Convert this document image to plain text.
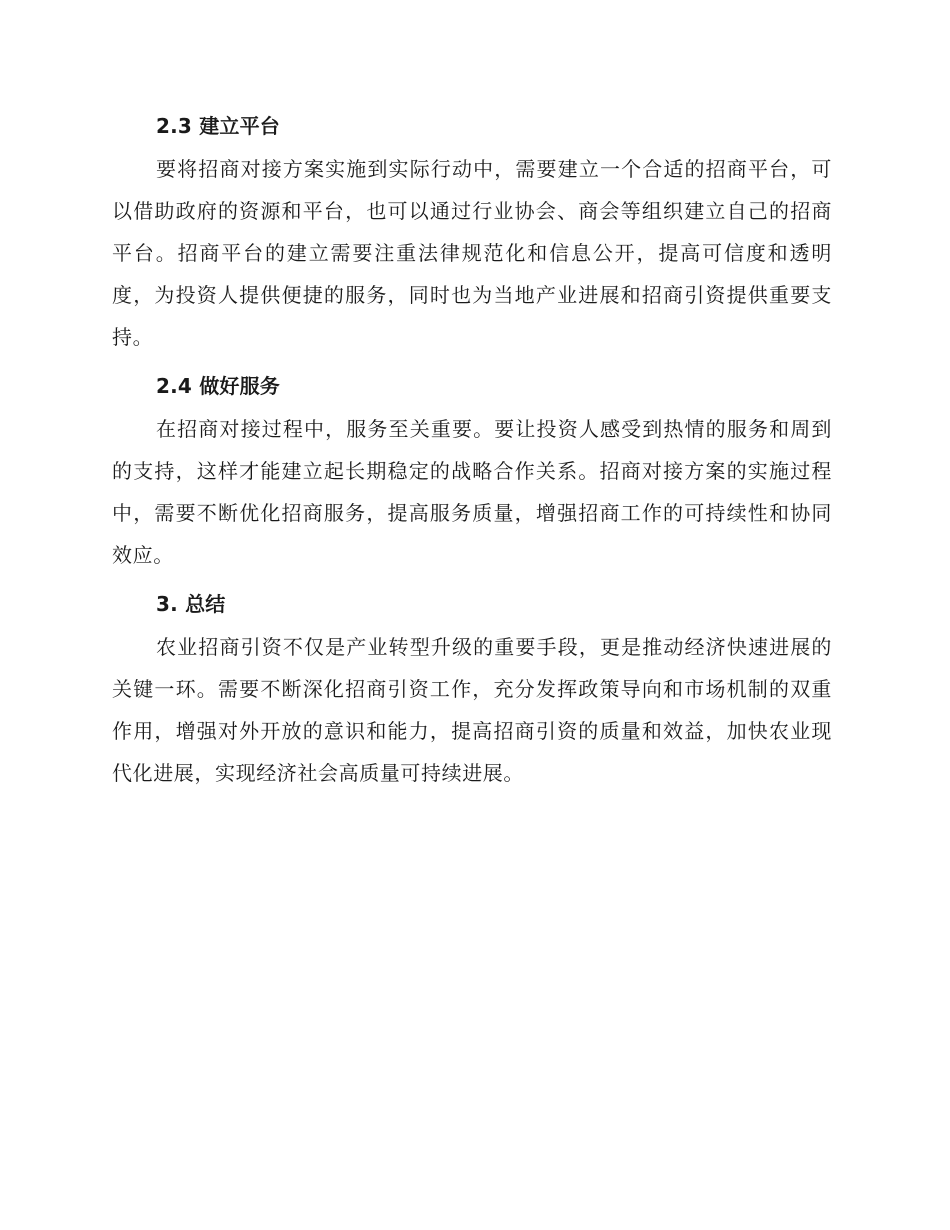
2.3 建立平台

要将招商对接方案实施到实际行动中，需要建立一个合适的招商平台，可以借助政府的资源和平台，也可以通过行业协会、商会等组织建立自己的招商平台。招商平台的建立需要注重法律规范化和信息公开，提高可信度和透明度，为投资人提供便捷的服务，同时也为当地产业进展和招商引资提供重要支持。

2.4 做好服务

在招商对接过程中，服务至关重要。要让投资人感受到热情的服务和周到的支持，这样才能建立起长期稳定的战略合作关系。招商对接方案的实施过程中，需要不断优化招商服务，提高服务质量，增强招商工作的可持续性和协同效应。

3. 总结

农业招商引资不仅是产业转型升级的重要手段，更是推动经济快速进展的关键一环。需要不断深化招商引资工作，充分发挥政策导向和市场机制的双重作用，增强对外开放的意识和能力，提高招商引资的质量和效益，加快农业现代化进展，实现经济社会高质量可持续进展。
